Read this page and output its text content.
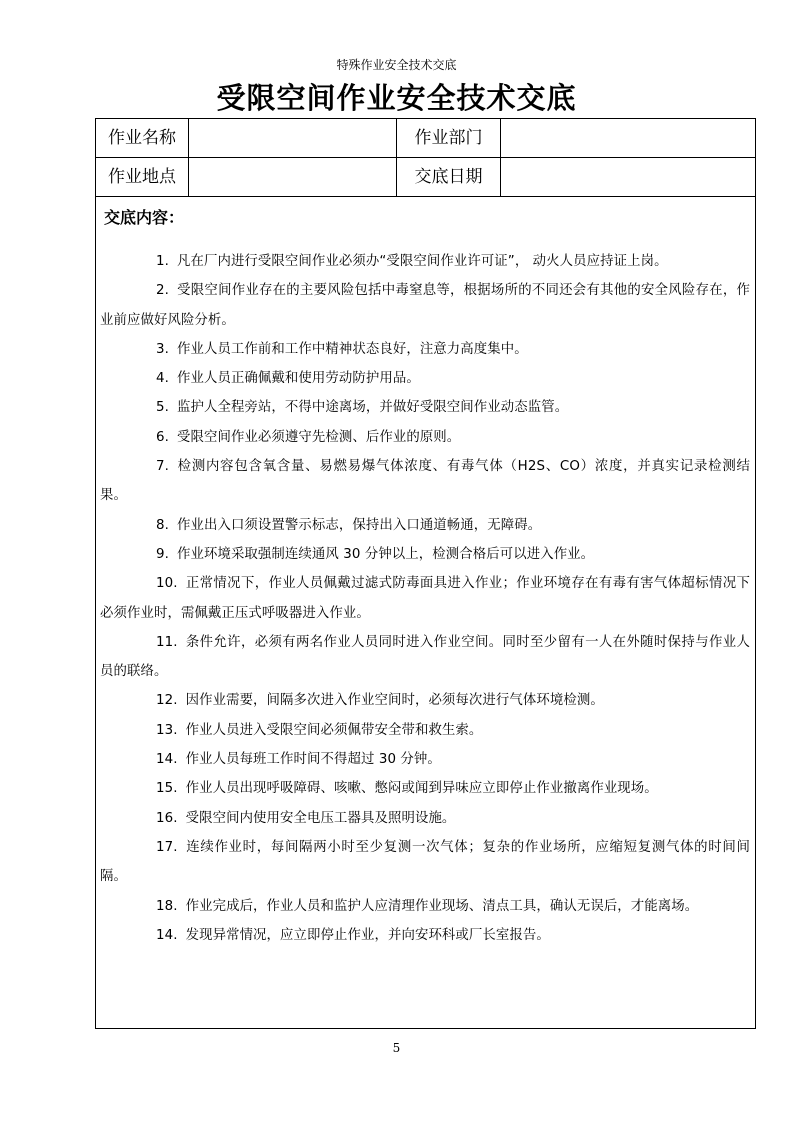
特殊作业安全技术交底
受限空间作业安全技术交底
作业名称	作业部门
作业地点	交底日期
交底内容：
1. 凡在厂内进行受限空间作业必须办“受限空间作业许可证”， 动火人员应持证上岗。
2. 受限空间作业存在的主要风险包括中毒窒息等，根据场所的不同还会有其他的安全风险存在，作业前应做好风险分析。
3. 作业人员工作前和工作中精神状态良好，注意力高度集中。
4. 作业人员正确佩戴和使用劳动防护用品。
5. 监护人全程旁站，不得中途离场，并做好受限空间作业动态监管。
6. 受限空间作业必须遵守先检测、后作业的原则。
7. 检测内容包含氧含量、易燃易爆气体浓度、有毒气体（H2S、CO）浓度，并真实记录检测结果。
8. 作业出入口须设置警示标志，保持出入口通道畅通，无障碍。
9. 作业环境采取强制连续通风 30 分钟以上，检测合格后可以进入作业。
10. 正常情况下，作业人员佩戴过滤式防毒面具进入作业；作业环境存在有毒有害气体超标情况下必须作业时，需佩戴正压式呼吸器进入作业。
11. 条件允许，必须有两名作业人员同时进入作业空间。同时至少留有一人在外随时保持与作业人员的联络。
12. 因作业需要，间隔多次进入作业空间时，必须每次进行气体环境检测。
13. 作业人员进入受限空间必须佩带安全带和救生索。
14. 作业人员每班工作时间不得超过 30 分钟。
15. 作业人员出现呼吸障碍、咳嗽、憋闷或闻到异味应立即停止作业撤离作业现场。
16. 受限空间内使用安全电压工器具及照明设施。
17. 连续作业时，每间隔两小时至少复测一次气体；复杂的作业场所，应缩短复测气体的时间间隔。
18. 作业完成后，作业人员和监护人应清理作业现场、清点工具，确认无误后，才能离场。
14. 发现异常情况，应立即停止作业，并向安环科或厂长室报告。
5
